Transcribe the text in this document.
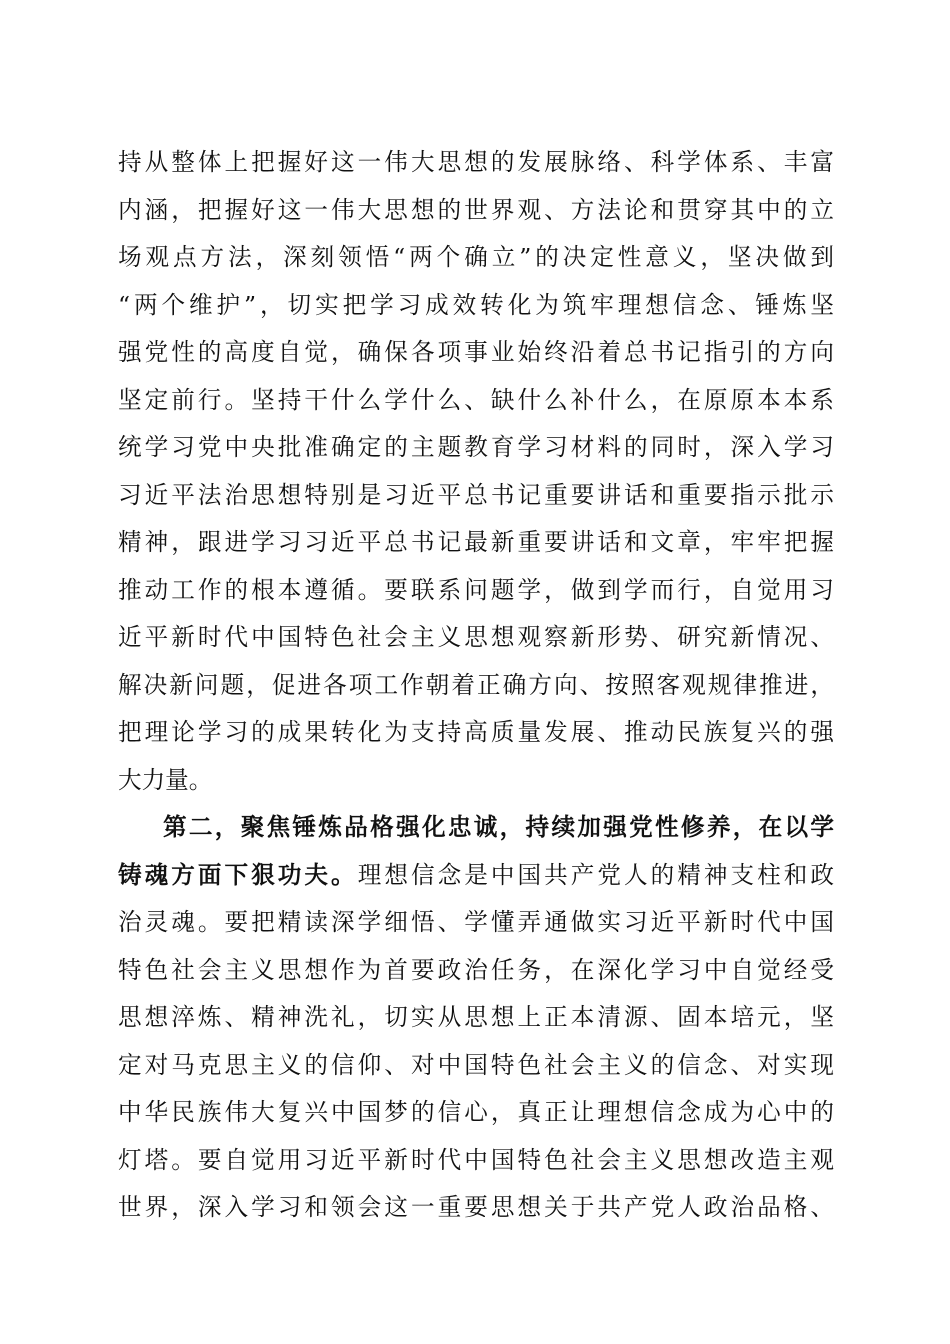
持从整体上把握好这一伟大思想的发展脉络、科学体系、丰富
内涵，把握好这一伟大思想的世界观、方法论和贯穿其中的立
场观点方法，深刻领悟“两个确立”的决定性意义，坚决做到
“两个维护”，切实把学习成效转化为筑牢理想信念、锤炼坚
强党性的高度自觉，确保各项事业始终沿着总书记指引的方向
坚定前行。坚持干什么学什么、缺什么补什么，在原原本本系
统学习党中央批准确定的主题教育学习材料的同时，深入学习
习近平法治思想特别是习近平总书记重要讲话和重要指示批示
精神，跟进学习习近平总书记最新重要讲话和文章，牢牢把握
推动工作的根本遵循。要联系问题学，做到学而行，自觉用习
近平新时代中国特色社会主义思想观察新形势、研究新情况、
解决新问题，促进各项工作朝着正确方向、按照客观规律推进，
把理论学习的成果转化为支持高质量发展、推动民族复兴的强
大力量。
第二，聚焦锤炼品格强化忠诚，持续加强党性修养，在以学
铸魂方面下狠功夫。理想信念是中国共产党人的精神支柱和政
治灵魂。要把精读深学细悟、学懂弄通做实习近平新时代中国
特色社会主义思想作为首要政治任务，在深化学习中自觉经受
思想淬炼、精神洗礼，切实从思想上正本清源、固本培元，坚
定对马克思主义的信仰、对中国特色社会主义的信念、对实现
中华民族伟大复兴中国梦的信心，真正让理想信念成为心中的
灯塔。要自觉用习近平新时代中国特色社会主义思想改造主观
世界，深入学习和领会这一重要思想关于共产党人政治品格、
